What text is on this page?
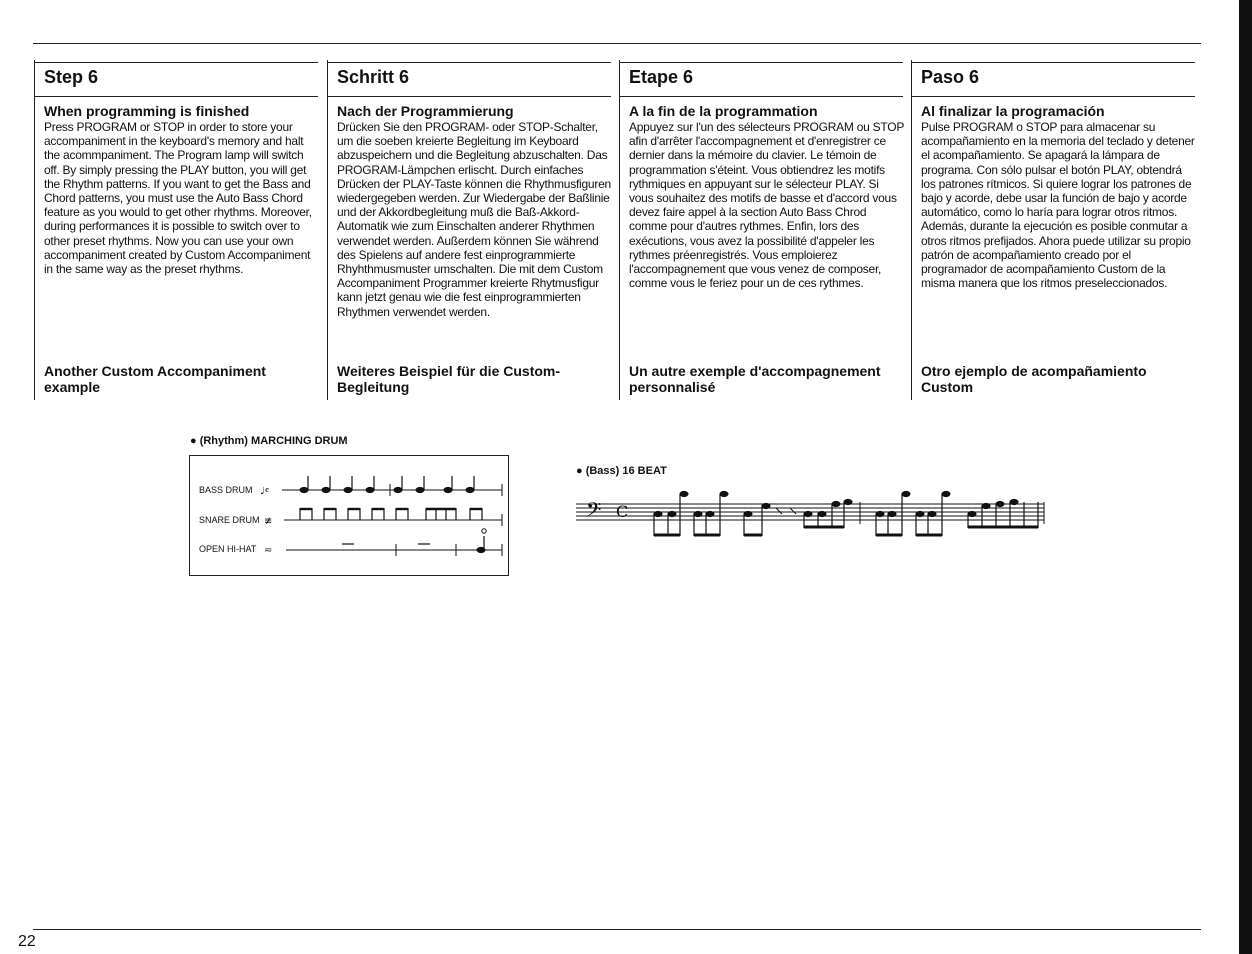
Step 6
When programming is finished

Press PROGRAM or STOP in order to store your accompaniment in the keyboard's memory and halt the acommpaniment. The Program lamp will switch off. By simply pressing the PLAY button, you will get the Rhythm patterns. If you want to get the Bass and Chord patterns, you must use the Auto Bass Chord feature as you would to get other rhythms. Moreover, during performances it is possible to switch over to other preset rhythms. Now you can use your own accompaniment created by Custom Accompaniment in the same way as the preset rhythms.

Another Custom Accompaniment example
Schritt 6
Nach der Programmierung

Drücken Sie den PROGRAM- oder STOP-Schalter, um die soeben kreierte Begleitung im Keyboard abzuspeichern und die Begleitung abzuschalten. Das PROGRAM-Lämpchen erlischt. Durch einfaches Drücken der PLAY-Taste können die Rhythmusfiguren wiedergegeben werden. Zur Wiedergabe der Baßlinie und der Akkordbegleitung muß die Baß-Akkord-Automatik wie zum Einschalten anderer Rhythmen verwendet werden. Außerdem können Sie während des Spielens auf andere fest einprogrammierte Rhyhthmusmuster umschalten. Die mit dem Custom Accompaniment Programmer kreierte Rhytmusfigur kann jetzt genau wie die fest einprogrammierten Rhythmen verwendet werden.

Weiteres Beispiel für die Custom-Begleitung
Etape 6
A la fin de la programmation

Appuyez sur l'un des sélecteurs PROGRAM ou STOP afin d'arrêter l'accompagnement et d'enregistrer ce dernier dans la mémoire du clavier. Le témoin de programmation s'éteint. Vous obtiendrez les motifs rythmiques en appuyant sur le sélecteur PLAY. Si vous souhaitez des motifs de basse et d'accord vous devez faire appel à la section Auto Bass Chrod comme pour d'autres rythmes. Enfin, lors des exécutions, vous avez la possibilité d'appeler les rythmes préenregistrés. Vous emploierez l'accompagnement que vous venez de composer, comme vous le feriez pour un de ces rythmes.

Un autre exemple d'accompagnement personnalisé
Paso 6
Al finalizar la programación

Pulse PROGRAM o STOP para almacenar su acompañamiento en la memoria del teclado y detener el acompañamiento. Se apagará la lámpara de programa. Con sólo pulsar el botón PLAY, obtendrá los patrones rítmicos. Si quiere lograr los patrones de bajo y acorde, debe usar la función de bajo y acorde automático, como lo haría para lograr otros ritmos. Además, durante la ejecución es posible conmutar a otros ritmos prefijados. Ahora puede utilizar su propio patrón de acompañamiento creado por el programador de acompañamiento Custom de la misma manera que los ritmos preseleccionados.

Otro ejemplo de acompañamiento Custom
● (Rhythm) MARCHING DRUM
BASS DRUM
SNARE DRUM
OPEN HI-HAT
♩𝄴
≢
≂
● (Bass) 16 BEAT
𝄢 C
22
